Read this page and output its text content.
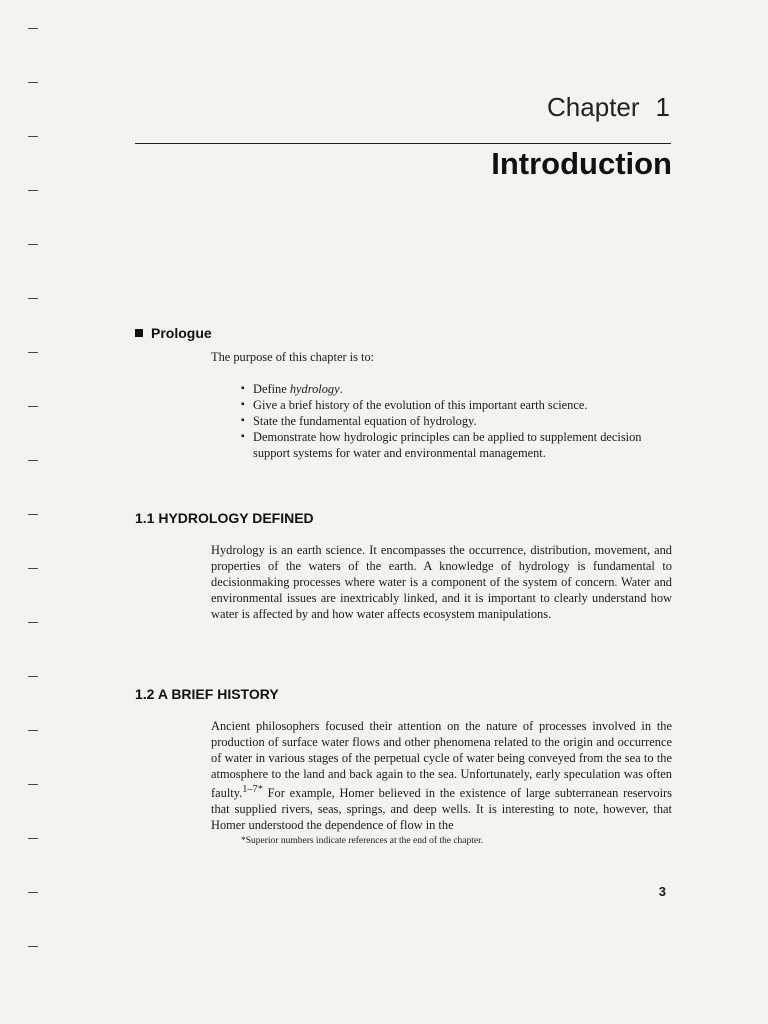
Chapter 1
Introduction
Prologue

The purpose of this chapter is to:

▪ Define hydrology.
▪ Give a brief history of the evolution of this important earth science.
▪ State the fundamental equation of hydrology.
▪ Demonstrate how hydrologic principles can be applied to supplement decision support systems for water and environmental management.
1.1 HYDROLOGY DEFINED

Hydrology is an earth science. It encompasses the occurrence, distribution, movement, and properties of the waters of the earth. A knowledge of hydrology is fundamental to decisionmaking processes where water is a component of the system of concern. Water and environmental issues are inextricably linked, and it is important to clearly understand how water is affected by and how water affects ecosystem manipulations.

1.2 A BRIEF HISTORY

Ancient philosophers focused their attention on the nature of processes involved in the production of surface water flows and other phenomena related to the origin and occurrence of water in various stages of the perpetual cycle of water being conveyed from the sea to the atmosphere to the land and back again to the sea. Unfortunately, early speculation was often faulty.$^{1-7*}$ For example, Homer believed in the existence of large subterranean reservoirs that supplied rivers, seas, springs, and deep wells. It is interesting to note, however, that Homer understood the dependence of flow in the

*Superior numbers indicate references at the end of the chapter.
3
